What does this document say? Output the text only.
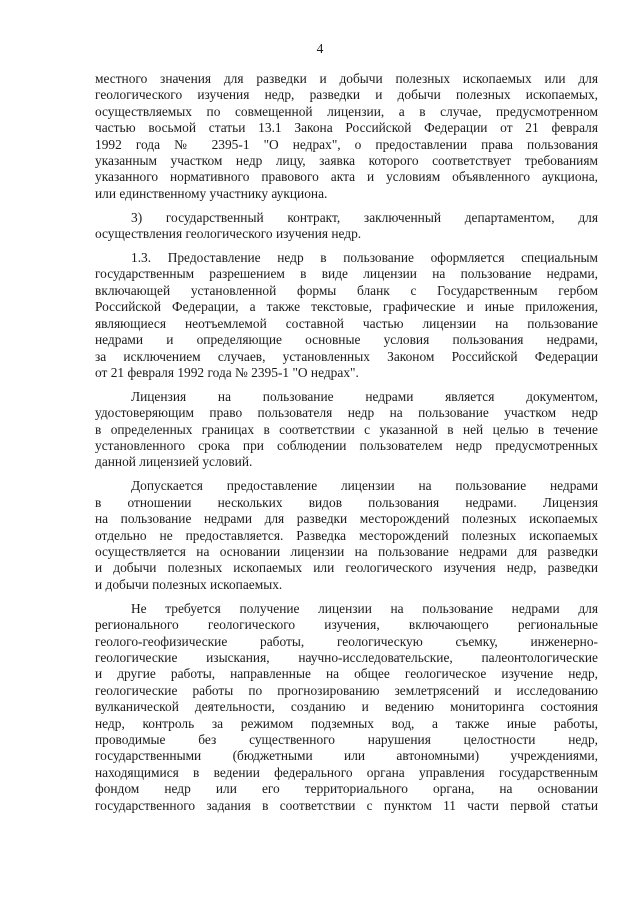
4
местного значения для разведки и добычи полезных ископаемых или для
геологического изучения недр, разведки и добычи полезных ископаемых,
осуществляемых по совмещенной лицензии, а в случае, предусмотренном
частью восьмой статьи 13.1 Закона Российской Федерации от 21 февраля
1992 года № 2395-1 "О недрах", о предоставлении права пользования
указанным участком недр лицу, заявка которого соответствует требованиям
указанного нормативного правового акта и условиям объявленного аукциона,
или единственному участнику аукциона.
3) государственный контракт, заключенный департаментом, для
осуществления геологического изучения недр.
1.3. Предоставление недр в пользование оформляется специальным
государственным разрешением в виде лицензии на пользование недрами,
включающей установленной формы бланк с Государственным гербом
Российской Федерации, а также текстовые, графические и иные приложения,
являющиеся неотъемлемой составной частью лицензии на пользование
недрами и определяющие основные условия пользования недрами,
за исключением случаев, установленных Законом Российской Федерации
от 21 февраля 1992 года № 2395-1 "О недрах".
Лицензия на пользование недрами является документом,
удостоверяющим право пользователя недр на пользование участком недр
в определенных границах в соответствии с указанной в ней целью в течение
установленного срока при соблюдении пользователем недр предусмотренных
данной лицензией условий.
Допускается предоставление лицензии на пользование недрами
в отношении нескольких видов пользования недрами. Лицензия
на пользование недрами для разведки месторождений полезных ископаемых
отдельно не предоставляется. Разведка месторождений полезных ископаемых
осуществляется на основании лицензии на пользование недрами для разведки
и добычи полезных ископаемых или геологического изучения недр, разведки
и добычи полезных ископаемых.
Не требуется получение лицензии на пользование недрами для
регионального геологического изучения, включающего региональные
геолого-геофизические работы, геологическую съемку, инженерно-
геологические изыскания, научно-исследовательские, палеонтологические
и другие работы, направленные на общее геологическое изучение недр,
геологические работы по прогнозированию землетрясений и исследованию
вулканической деятельности, созданию и ведению мониторинга состояния
недр, контроль за режимом подземных вод, а также иные работы,
проводимые без существенного нарушения целостности недр,
государственными (бюджетными или автономными) учреждениями,
находящимися в ведении федерального органа управления государственным
фондом недр или его территориального органа, на основании
государственного задания в соответствии с пунктом 11 части первой статьи
